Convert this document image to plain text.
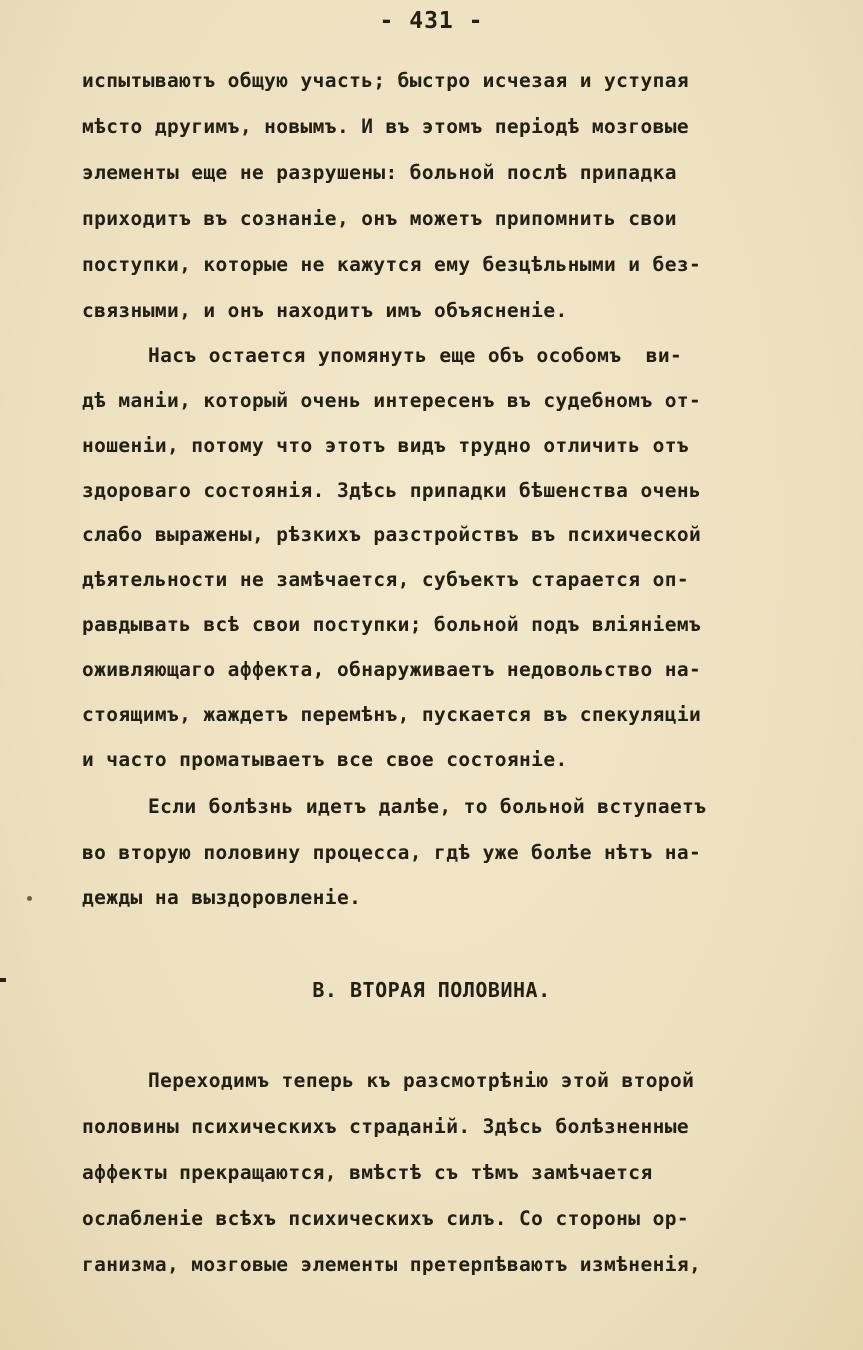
- 431 -
испытываютъ общую участь; быстро исчезая и уступая
мѣсто другимъ, новымъ. И въ этомъ періодѣ мозговые
элементы еще не разрушены: больной послѣ припадка
приходитъ въ сознаніе, онъ можетъ припомнить свои
поступки, которые не кажутся ему безцѣльными и без-
связными, и онъ находитъ имъ объясненіе.
Насъ остается упомянуть еще объ особомъ  ви-
дѣ маніи, который очень интересенъ въ судебномъ от-
ношеніи, потому что этотъ видъ трудно отличить отъ
здороваго состоянія. Здѣсь припадки бѣшенства очень
слабо выражены, рѣзкихъ разстройствъ въ психической
дѣятельности не замѣчается, субъектъ старается оп-
равдывать всѣ свои поступки; больной подъ вліяніемъ
оживляющаго аффекта, обнаруживаетъ недовольство на-
стоящимъ, жаждетъ перемѣнъ, пускается въ спекуляціи
и часто проматываетъ все свое состояніе.
Если болѣзнь идетъ далѣе, то больной вступаетъ
во вторую половину процесса, гдѣ уже болѣе нѣтъ на-
дежды на выздоровленіе.
В. ВТОРАЯ ПОЛОВИНА.
Переходимъ теперь къ разсмотрѣнію этой второй
половины психическихъ страданій. Здѣсь болѣзненные
аффекты прекращаются, вмѣстѣ съ тѣмъ замѣчается
ослабленіе всѣхъ психическихъ силъ. Со стороны ор-
ганизма, мозговые элементы претерпѣваютъ измѣненія,
